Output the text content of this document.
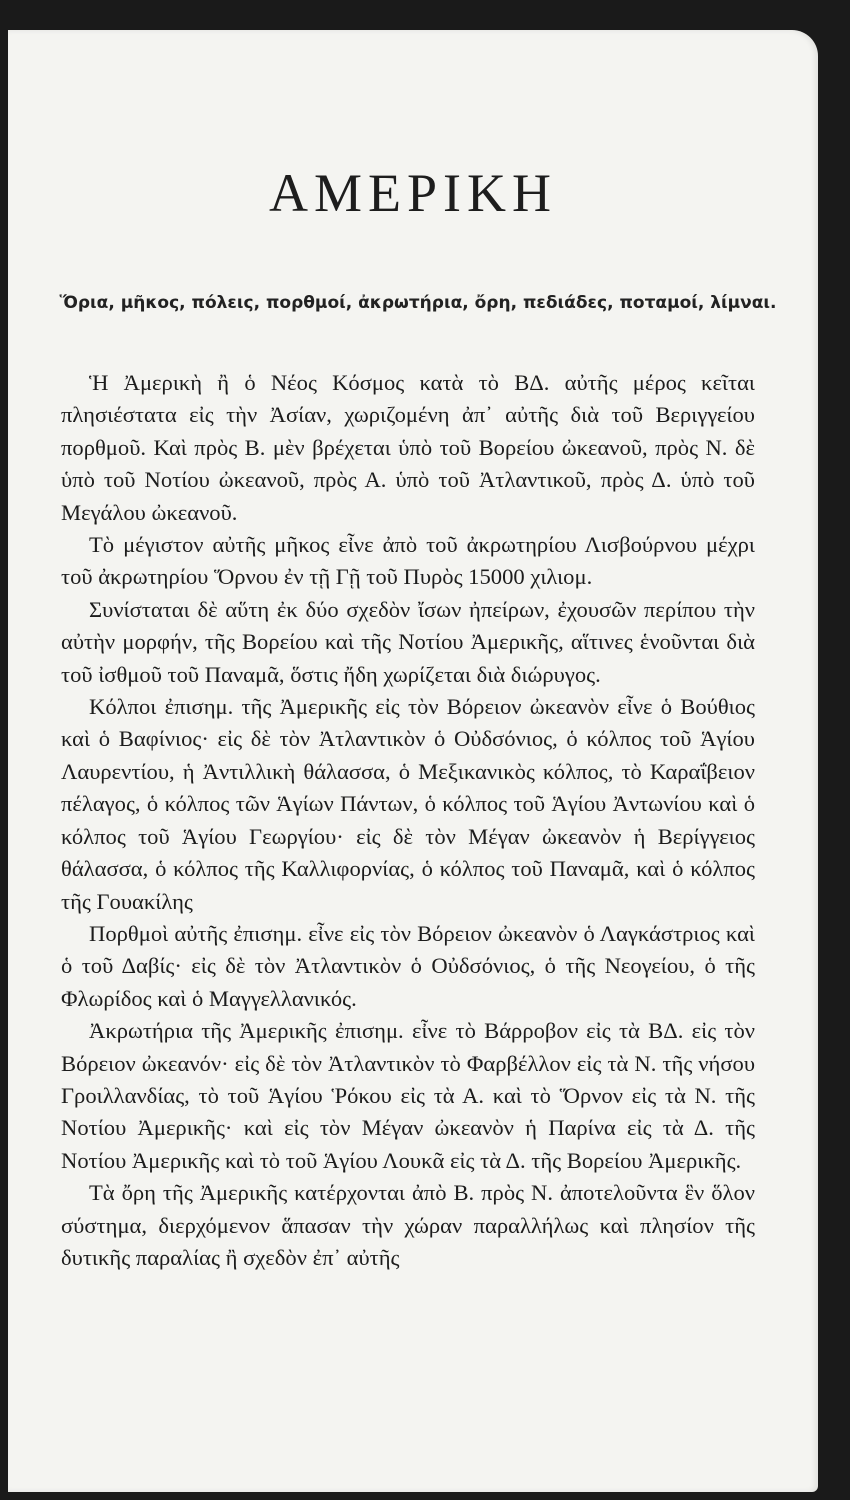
ΑΜΕΡΙΚΗ

Ὅρια, μῆκος, πόλεις, πορθμοί, ἀκρωτήρια, ὄρη, πεδιάδες, ποταμοί, λίμναι.

Ἡ Ἀμερικὴ ἢ ὁ Νέος Κόσμος κατὰ τὸ ΒΔ. αὐτῆς μέρος κεῖται πλησιέστατα εἰς τὴν Ἀσίαν, χωριζομένη ἀπ᾽ αὐτῆς διὰ τοῦ Βεριγγείου πορθμοῦ. Καὶ πρὸς Β. μὲν βρέχεται ὑπὸ τοῦ Βορείου ὠκεανοῦ, πρὸς Ν. δὲ ὑπὸ τοῦ Νοτίου ὠκεανοῦ, πρὸς Α. ὑπὸ τοῦ Ἀτλαντικοῦ, πρὸς Δ. ὑπὸ τοῦ Μεγάλου ὠκεανοῦ.

Τὸ μέγιστον αὐτῆς μῆκος εἶνε ἀπὸ τοῦ ἀκρωτηρίου Λισβούρνου μέχρι τοῦ ἀκρωτηρίου Ὅρνου ἐν τῇ Γῇ τοῦ Πυρὸς 15000 χιλιομ.

Συνίσταται δὲ αὕτη ἐκ δύο σχεδὸν ἴσων ἠπείρων, ἐχουσῶν περίπου τὴν αὐτὴν μορφήν, τῆς Βορείου καὶ τῆς Νοτίου Ἀμερικῆς, αἵτινες ἑνοῦνται διὰ τοῦ ἰσθμοῦ τοῦ Παναμᾶ, ὅστις ἤδη χωρίζεται διὰ διώρυγος.

Κόλποι ἐπισημ. τῆς Ἀμερικῆς εἰς τὸν Βόρειον ὠκεανὸν εἶνε ὁ Βούθιος καὶ ὁ Βαφίνιος· εἰς δὲ τὸν Ἀτλαντικὸν ὁ Οὐδσόνιος, ὁ κόλπος τοῦ Ἁγίου Λαυρεντίου, ἡ Ἀντιλλικὴ θάλασσα, ὁ Μεξικανικὸς κόλπος, τὸ Καραΐβειον πέλαγος, ὁ κόλπος τῶν Ἁγίων Πάντων, ὁ κόλπος τοῦ Ἁγίου Ἀντωνίου καὶ ὁ κόλπος τοῦ Ἁγίου Γεωργίου· εἰς δὲ τὸν Μέγαν ὠκεανὸν ἡ Βερίγγειος θάλασσα, ὁ κόλπος τῆς Καλλιφορνίας, ὁ κόλπος τοῦ Παναμᾶ, καὶ ὁ κόλπος τῆς Γουακίλης

Πορθμοὶ αὐτῆς ἐπισημ. εἶνε εἰς τὸν Βόρειον ὠκεανὸν ὁ Λαγκάστριος καὶ ὁ τοῦ Δαβίς· εἰς δὲ τὸν Ἀτλαντικὸν ὁ Οὐδσόνιος, ὁ τῆς Νεογείου, ὁ τῆς Φλωρίδος καὶ ὁ Μαγγελλανικός.

Ἀκρωτήρια τῆς Ἀμερικῆς ἐπισημ. εἶνε τὸ Βάρροβον εἰς τὰ ΒΔ. εἰς τὸν Βόρειον ὠκεανόν· εἰς δὲ τὸν Ἀτλαντικὸν τὸ Φαρβέλλον εἰς τὰ Ν. τῆς νήσου Γροιλλανδίας, τὸ τοῦ Ἁγίου Ῥόκου εἰς τὰ Α. καὶ τὸ Ὅρνον εἰς τὰ Ν. τῆς Νοτίου Ἀμερικῆς· καὶ εἰς τὸν Μέγαν ὠκεανὸν ἡ Παρίνα εἰς τὰ Δ. τῆς Νοτίου Ἀμερικῆς καὶ τὸ τοῦ Ἁγίου Λουκᾶ εἰς τὰ Δ. τῆς Βορείου Ἀμερικῆς.

Τὰ ὄρη τῆς Ἀμερικῆς κατέρχονται ἀπὸ Β. πρὸς Ν. ἀποτελοῦντα ἓν ὅλον σύστημα, διερχόμενον ἅπασαν τὴν χώραν παραλλήλως καὶ πλησίον τῆς δυτικῆς παραλίας ἢ σχεδὸν ἐπ᾽ αὐτῆς
